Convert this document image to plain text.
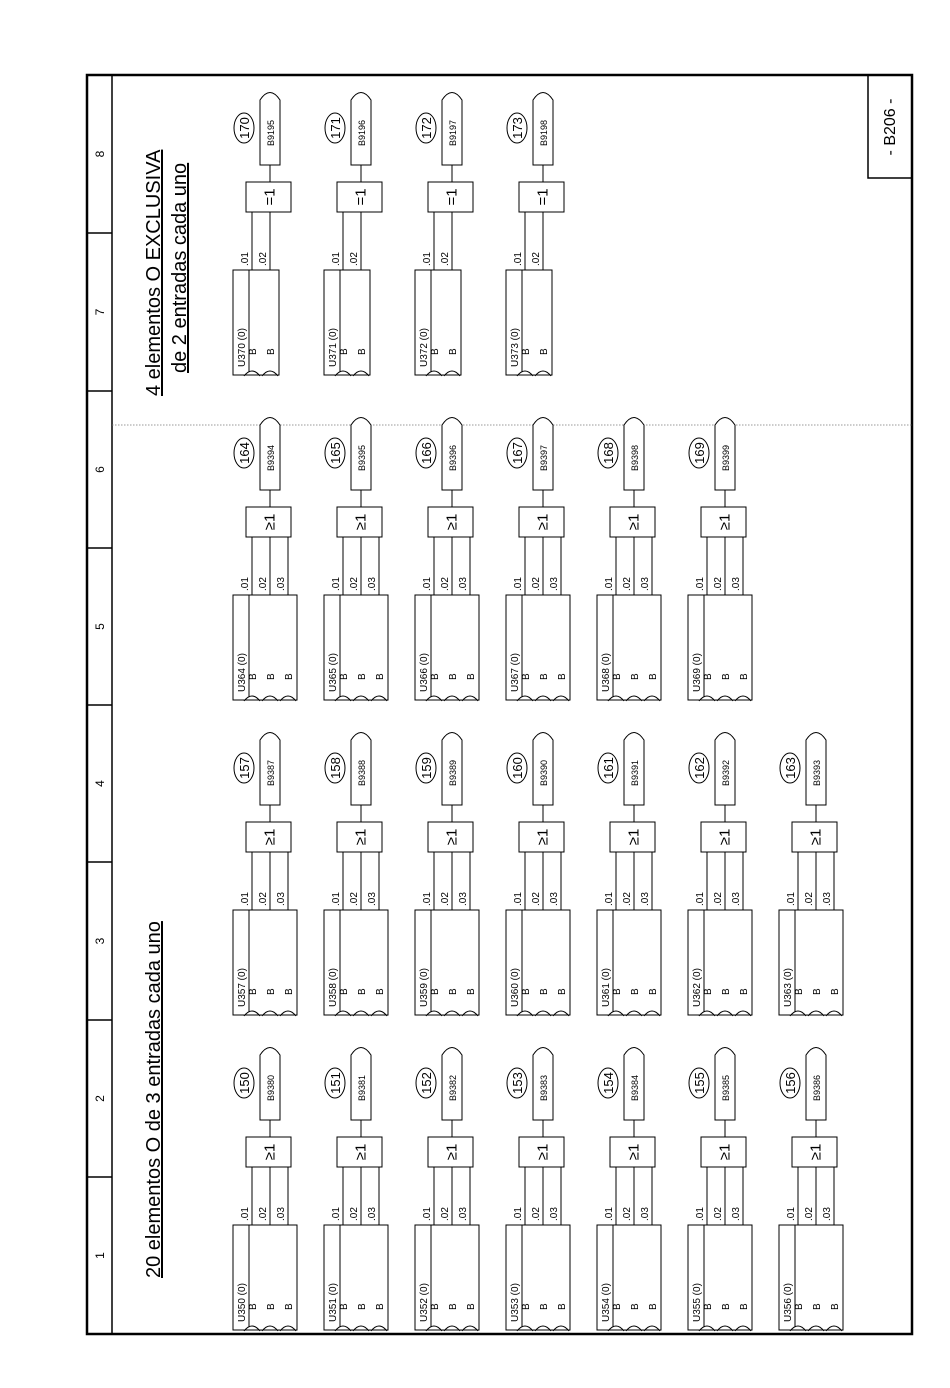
1
2
3
4
5
6
7
8	- B206 -
20 elementos O de 3 entradas cada uno
4 elementos O EXCLUSIVA de 2 entradas cada uno
U350 (0) B
.01
B
.02
B
.03
≥1
B9380
150
U351 (0) B
.01
B
.02
B
.03
≥1
B9381
151
U352 (0) B
.01
B
.02
B
.03
≥1
B9382
152
U353 (0) B
.01
B
.02
B
.03
≥1
B9383
153
U354 (0) B
.01
B
.02
B
.03
≥1
B9384
154
U355 (0) B
.01
B
.02
B
.03
≥1
B9385
155
U356 (0) B
.01
B
.02
B
.03
≥1
B9386
156
U357 (0) B
.01
B
.02
B
.03
≥1
B9387
157
U358 (0) B
.01
B
.02
B
.03
≥1
B9388
158
U359 (0) B
.01
B
.02
B
.03
≥1
B9389
159
U360 (0) B
.01
B
.02
B
.03
≥1
B9390
160
U361 (0) B
.01
B
.02
B
.03
≥1
B9391
161
U362 (0) B
.01
B
.02
B
.03
≥1
B9392
162
U363 (0) B
.01
B
.02
B
.03
≥1
B9393
163
U364 (0) B
.01
B
.02
B
.03
≥1
B9394
164
U365 (0) B
.01
B
.02
B
.03
≥1
B9395
165
U366 (0) B
.01
B
.02
B
.03
≥1
B9396
166
U367 (0) B
.01
B
.02
B
.03
≥1
B9397
167
U368 (0) B
.01
B
.02
B
.03
≥1
B9398
168
U369 (0) B
.01
B
.02
B
.03
≥1
B9399
169
U370 (0) B
.01
B
.02
=1
B9195
170
U371 (0) B
.01
B
.02
=1
B9196
171
U372 (0) B
.01
B
.02
=1
B9197
172
U373 (0) B
.01
B
.02
=1
B9198
173
